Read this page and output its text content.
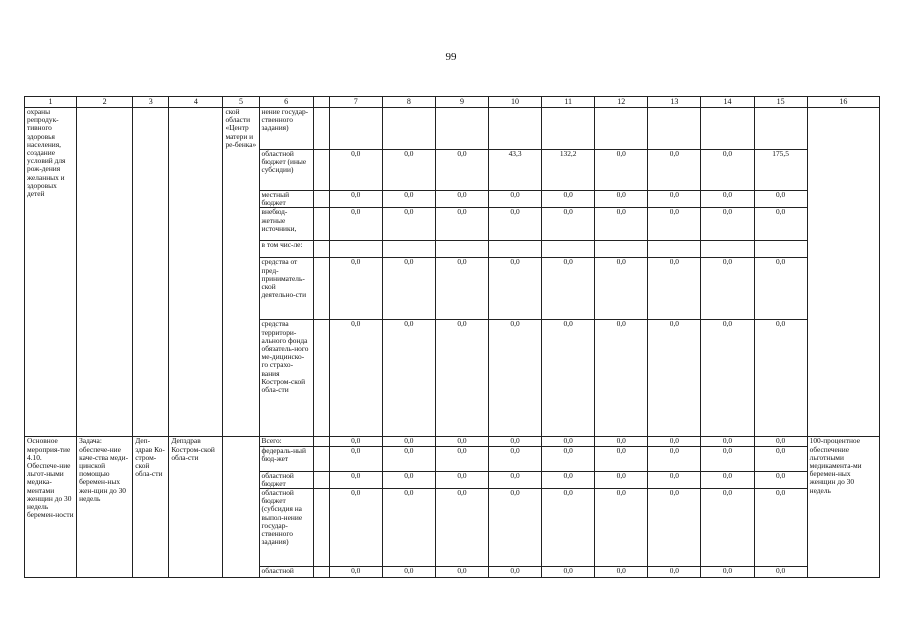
99
1	2	3	4	5	6		7	8	9	10	11	12	13	14	15	16
охраны репродук-тивного здоровья населения, создание условий для рож-дения желанных и здоровых детей				ской области «Центр матери и ре-бенка»	нение государ-ственного задания)											
					областной бюджет (иные субсидии)		0,0	0,0	0,0	43,3	132,2	0,0	0,0	0,0	175,5	
					местный бюджет		0,0	0,0	0,0	0,0	0,0	0,0	0,0	0,0	0,0	
					внебюд-жетные источники,		0,0	0,0	0,0	0,0	0,0	0,0	0,0	0,0	0,0	
					в том чис-ле:											
					средства от пред-приниматель-ской деятельно-сти		0,0	0,0	0,0	0,0	0,0	0,0	0,0	0,0	0,0	
					средства территори-ального фонда обязатель-ного ме-дицинско-го страхо-вания Костром-ской обла-сти		0,0	0,0	0,0	0,0	0,0	0,0	0,0	0,0	0,0	
Основное мероприя-тие 4.10. Обеспече-ние льгот-ными медика-ментами женщин до 30 недель беремен-ности	Задача: обеспече-ние каче-ства меди-цинской помощью беремен-ных жен-щин до 30 недель	Деп-здрав Ко-стром-ской обла-сти	Депздрав Костром-ской обла-сти		Всего:		0,0	0,0	0,0	0,0	0,0	0,0	0,0	0,0	0,0	100-процентное обеспечение льготными медикамента-ми беремен-ных женщин до 30 недель
					федераль-ный бюд-жет		0,0	0,0	0,0	0,0	0,0	0,0	0,0	0,0	0,0	
					областной бюджет		0,0	0,0	0,0	0,0	0,0	0,0	0,0	0,0	0,0	
					областной бюджет (субсидия на выпол-нение государ-ственного задания)		0,0	0,0	0,0	0,0	0,0	0,0	0,0	0,0	0,0	
					областной		0,0	0,0	0,0	0,0	0,0	0,0	0,0	0,0	0,0	
